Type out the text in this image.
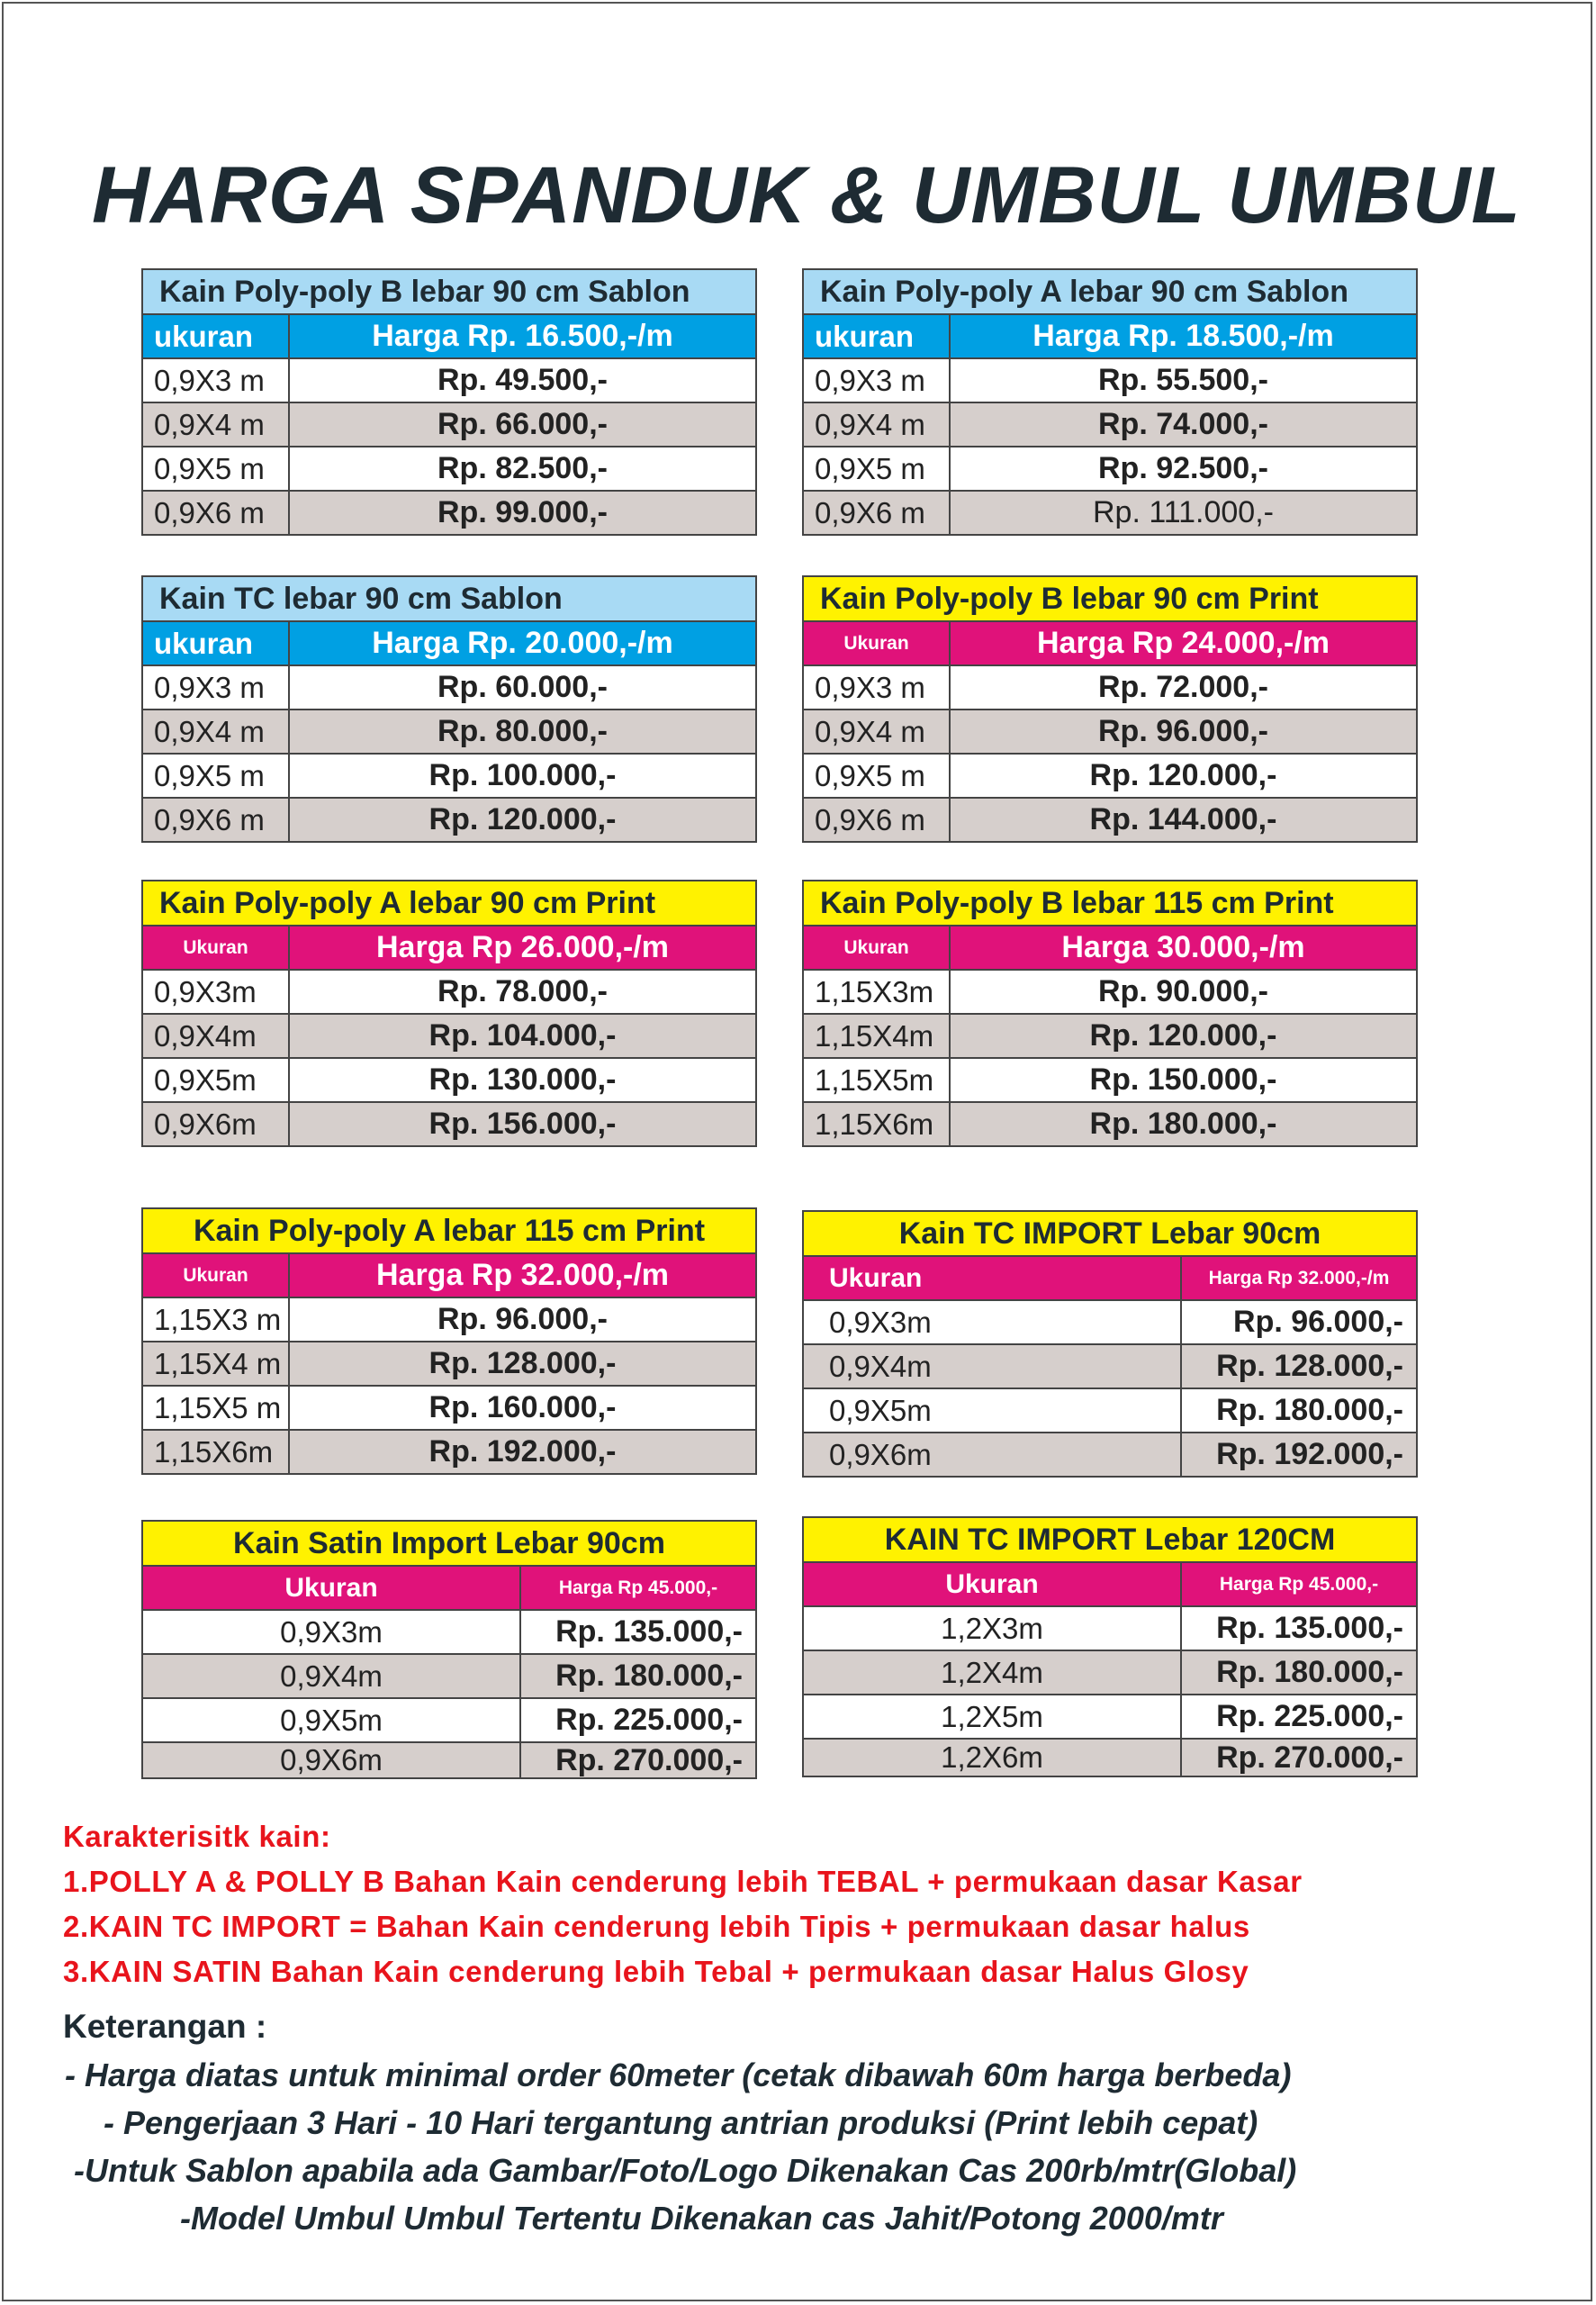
HARGA SPANDUK & UMBUL UMBUL
Kain Poly-poly B lebar 90 cm Sablon
ukuran	Harga Rp. 16.500,-/m
0,9X3 m	Rp. 49.500,-
0,9X4 m	Rp. 66.000,-
0,9X5 m	Rp. 82.500,-
0,9X6 m	Rp. 99.000,-
Kain Poly-poly A lebar 90 cm Sablon
ukuran	Harga Rp. 18.500,-/m
0,9X3 m	Rp. 55.500,-
0,9X4 m	Rp. 74.000,-
0,9X5 m	Rp. 92.500,-
0,9X6 m	Rp. 111.000,-
Kain TC lebar 90 cm Sablon
ukuran	Harga Rp. 20.000,-/m
0,9X3 m	Rp. 60.000,-
0,9X4 m	Rp. 80.000,-
0,9X5 m	Rp. 100.000,-
0,9X6 m	Rp. 120.000,-
Kain Poly-poly B lebar 90 cm Print
Ukuran	Harga Rp 24.000,-/m
0,9X3 m	Rp. 72.000,-
0,9X4 m	Rp. 96.000,-
0,9X5 m	Rp. 120.000,-
0,9X6 m	Rp. 144.000,-
Kain Poly-poly A lebar 90 cm Print
Ukuran	Harga Rp 26.000,-/m
0,9X3m	Rp. 78.000,-
0,9X4m	Rp. 104.000,-
0,9X5m	Rp. 130.000,-
0,9X6m	Rp. 156.000,-
Kain Poly-poly B lebar 115 cm Print
Ukuran	Harga 30.000,-/m
1,15X3m	Rp. 90.000,-
1,15X4m	Rp. 120.000,-
1,15X5m	Rp. 150.000,-
1,15X6m	Rp. 180.000,-
Kain Poly-poly A lebar 115 cm Print
Ukuran	Harga Rp 32.000,-/m
1,15X3 m	Rp. 96.000,-
1,15X4 m	Rp. 128.000,-
1,15X5 m	Rp. 160.000,-
1,15X6m	Rp. 192.000,-
Kain TC IMPORT Lebar 90cm
Ukuran	Harga Rp 32.000,-/m
0,9X3m	Rp. 96.000,-
0,9X4m	Rp. 128.000,-
0,9X5m	Rp. 180.000,-
0,9X6m	Rp. 192.000,-
Kain Satin Import Lebar 90cm
Ukuran	Harga Rp 45.000,-
0,9X3m	Rp. 135.000,-
0,9X4m	Rp. 180.000,-
0,9X5m	Rp. 225.000,-
0,9X6m	Rp. 270.000,-
KAIN TC IMPORT Lebar 120CM
Ukuran	Harga Rp 45.000,-
1,2X3m	Rp. 135.000,-
1,2X4m	Rp. 180.000,-
1,2X5m	Rp. 225.000,-
1,2X6m	Rp. 270.000,-
Karakterisitk kain:
1.POLLY A & POLLY B Bahan Kain cenderung lebih TEBAL + permukaan dasar Kasar
2.KAIN TC IMPORT = Bahan Kain cenderung lebih Tipis + permukaan dasar halus
3.KAIN SATIN Bahan Kain cenderung lebih Tebal + permukaan dasar Halus Glosy
Keterangan :
- Harga diatas untuk minimal order 60meter (cetak dibawah 60m harga berbeda)
- Pengerjaan 3 Hari - 10 Hari tergantung antrian produksi (Print lebih cepat)
-Untuk Sablon apabila ada Gambar/Foto/Logo Dikenakan Cas 200rb/mtr(Global)
-Model Umbul Umbul Tertentu Dikenakan cas Jahit/Potong 2000/mtr
